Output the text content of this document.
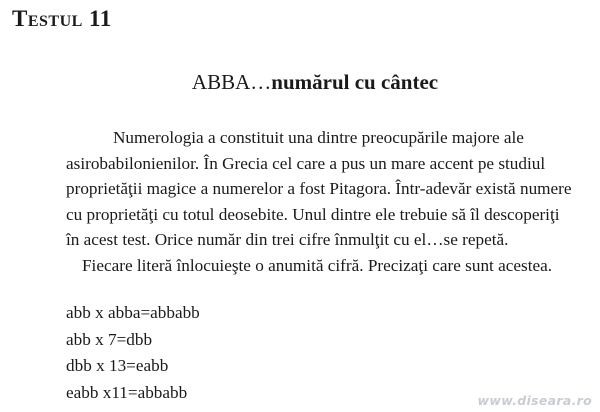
Testul 11
ABBA…numărul cu cântec

Numerologia a constituit una dintre preocupările majore ale
asirobabilonienilor. În Grecia cel care a pus un mare accent pe studiul
proprietăţii magice a numerelor a fost Pitagora. Într-adevăr există numere
cu proprietăţi cu totul deosebite. Unul dintre ele trebuie să îl descoperiţi
în acest test. Orice număr din trei cifre înmulţit cu el…se repetă.

Fiecare literă înlocuieşte o anumită cifră. Precizaţi care sunt acestea.

abb x abba=abbabb
abb x 7=dbb
dbb x 13=eabb
eabb x11=abbabb	www.diseara.ro
